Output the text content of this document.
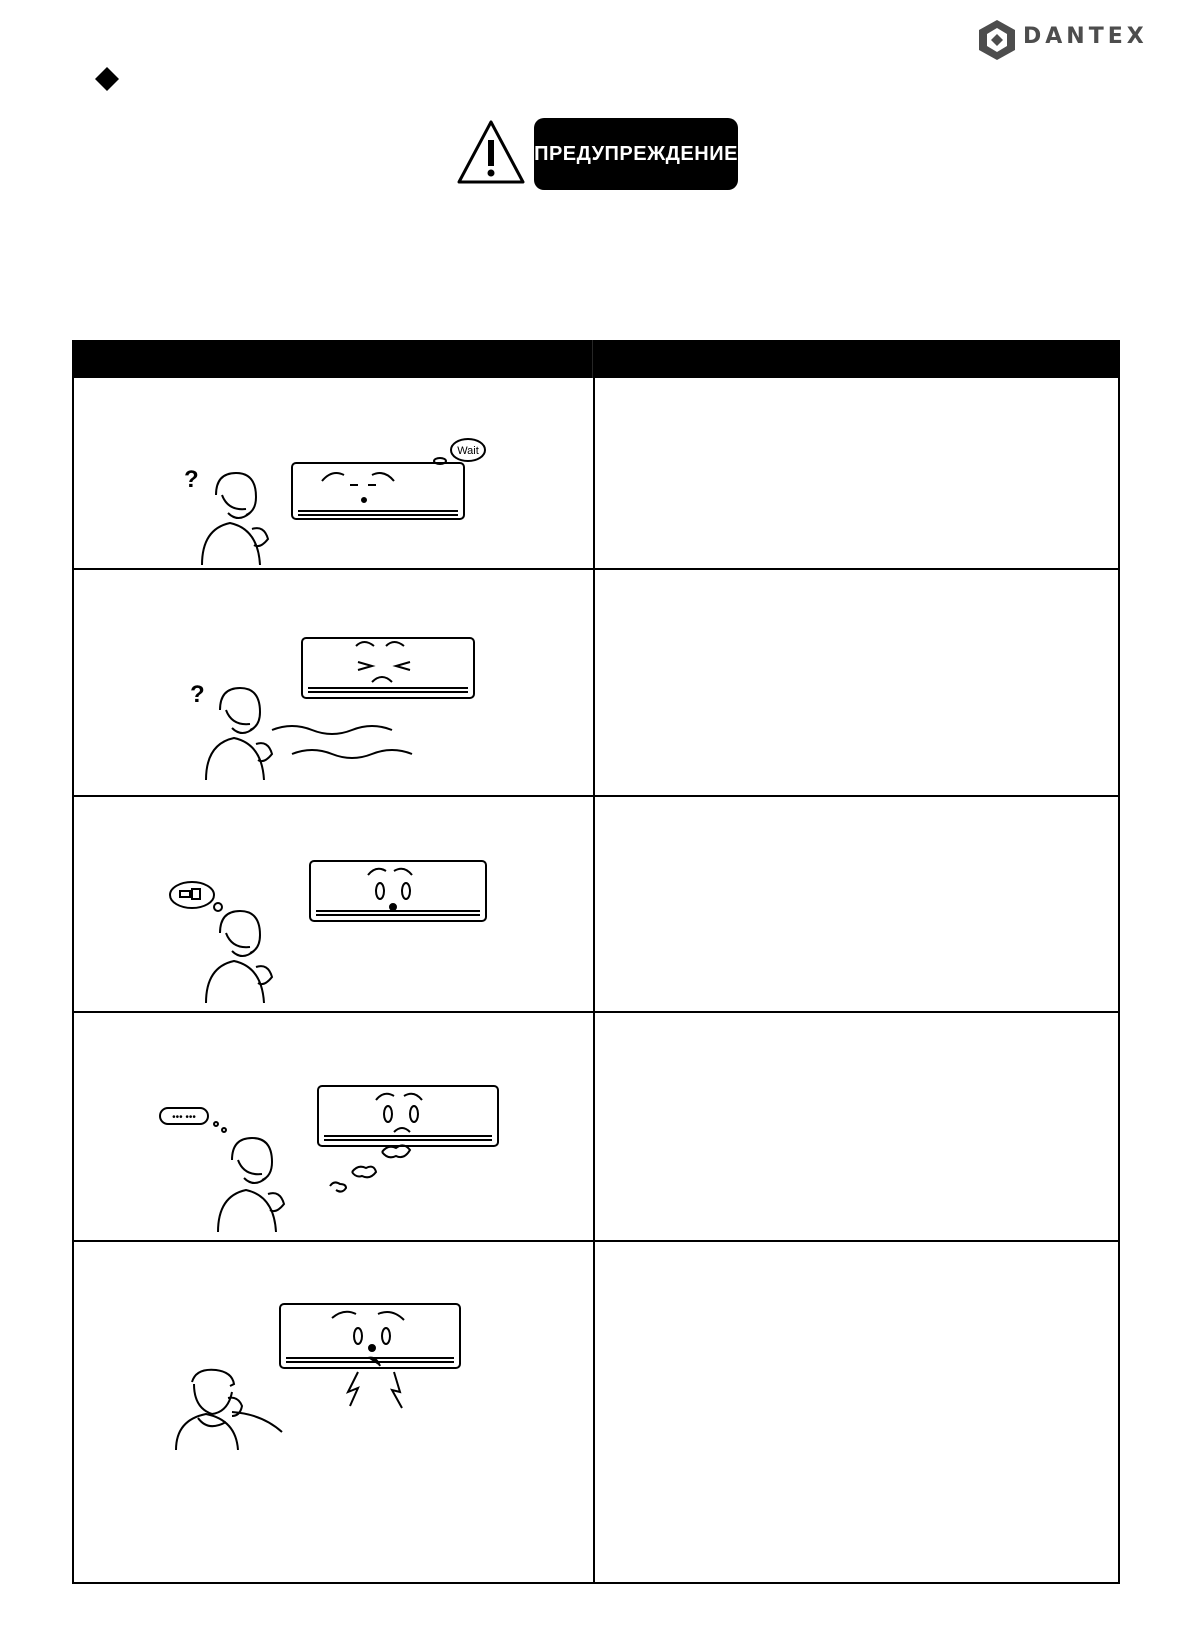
DANTEX
ПРЕДУПРЕЖДЕНИЕ
Wait
?
?
••• •••
